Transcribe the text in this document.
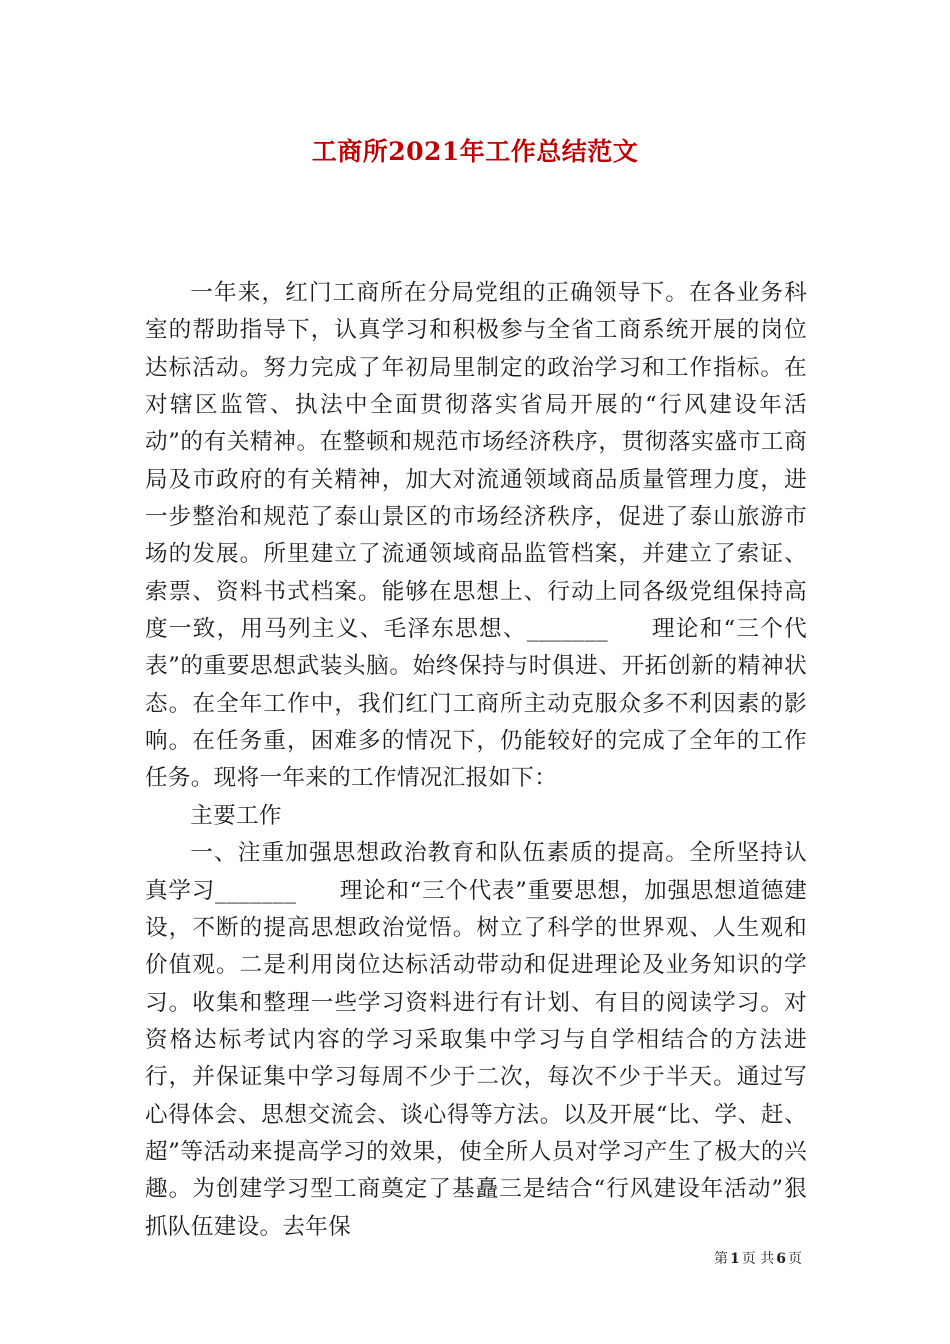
工商所2021年工作总结范文

一年来，红门工商所在分局党组的正确领导下。在各业务科室的帮助指导下，认真学习和积极参与全省工商系统开展的岗位达标活动。努力完成了年初局里制定的政治学习和工作指标。在对辖区监管、执法中全面贯彻落实省局开展的“行风建设年活动”的有关精神。在整顿和规范市场经济秩序，贯彻落实盛市工商局及市政府的有关精神，加大对流通领域商品质量管理力度，进一步整治和规范了泰山景区的市场经济秩序，促进了泰山旅游市场的发展。所里建立了流通领域商品监管档案，并建立了索证、索票、资料书式档案。能够在思想上、行动上同各级党组保持高度一致，用马列主义、毛泽东思想、_______ 理论和“三个代表”的重要思想武装头脑。始终保持与时俱进、开拓创新的精神状态。在全年工作中，我们红门工商所主动克服众多不利因素的影响。在任务重，困难多的情况下，仍能较好的完成了全年的工作任务。现将一年来的工作情况汇报如下：

主要工作

一、注重加强思想政治教育和队伍素质的提高。全所坚持认真学习_______ 理论和“三个代表”重要思想，加强思想道德建设，不断的提高思想政治觉悟。树立了科学的世界观、人生观和价值观。二是利用岗位达标活动带动和促进理论及业务知识的学习。收集和整理一些学习资料进行有计划、有目的阅读学习。对资格达标考试内容的学习采取集中学习与自学相结合的方法进行，并保证集中学习每周不少于二次，每次不少于半天。通过写心得体会、思想交流会、谈心得等方法。以及开展“比、学、赶、超”等活动来提高学习的效果，使全所人员对学习产生了极大的兴趣。为创建学习型工商奠定了基矗三是结合“行风建设年活动”狠抓队伍建设。去年保

第 1 页 共 6 页
